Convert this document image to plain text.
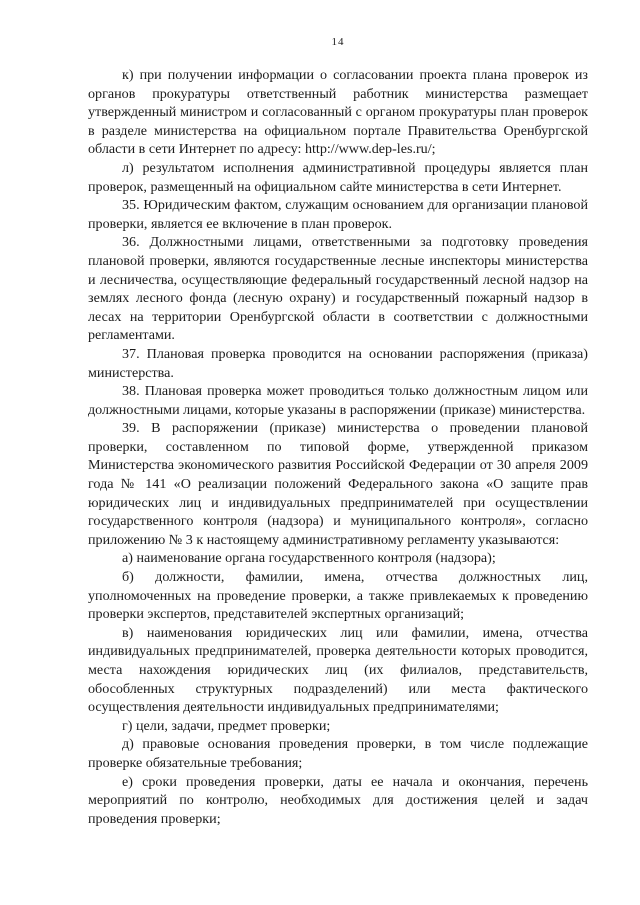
14

к) при получении информации о согласовании проекта плана проверок из органов прокуратуры ответственный работник министерства размещает утвержденный министром и согласованный с органом прокуратуры план проверок в разделе министерства на официальном портале Правительства Оренбургской области в сети Интернет по адресу: http://www.dep-les.ru/;

л) результатом исполнения административной процедуры является план проверок, размещенный на официальном сайте министерства в сети Интернет.

35. Юридическим фактом, служащим основанием для организации плановой проверки, является ее включение в план проверок.

36. Должностными лицами, ответственными за подготовку проведения плановой проверки, являются государственные лесные инспекторы министерства и лесничества, осуществляющие федеральный государственный лесной надзор на землях лесного фонда (лесную охрану) и государственный пожарный надзор в лесах на территории Оренбургской области в соответствии с должностными регламентами.

37. Плановая проверка проводится на основании распоряжения (приказа) министерства.

38. Плановая проверка может проводиться только должностным лицом или должностными лицами, которые указаны в распоряжении (приказе) министерства.

39. В распоряжении (приказе) министерства о проведении плановой проверки, составленном по типовой форме, утвержденной приказом Министерства экономического развития Российской Федерации от 30 апреля 2009 года № 141 «О реализации положений Федерального закона «О защите прав юридических лиц и индивидуальных предпринимателей при осуществлении государственного контроля (надзора) и муниципального контроля», согласно приложению № 3 к настоящему административному регламенту указываются:

а) наименование органа государственного контроля (надзора);

б) должности, фамилии, имена, отчества должностных лиц, уполномоченных на проведение проверки, а также привлекаемых к проведению проверки экспертов, представителей экспертных организаций;

в) наименования юридических лиц или фамилии, имена, отчества индивидуальных предпринимателей, проверка деятельности которых проводится, места нахождения юридических лиц (их филиалов, представительств, обособленных структурных подразделений) или места фактического осуществления деятельности индивидуальных предпринимателями;

г) цели, задачи, предмет проверки;

д) правовые основания проведения проверки, в том числе подлежащие проверке обязательные требования;

е) сроки проведения проверки, даты ее начала и окончания, перечень мероприятий по контролю, необходимых для достижения целей и задач проведения проверки;
